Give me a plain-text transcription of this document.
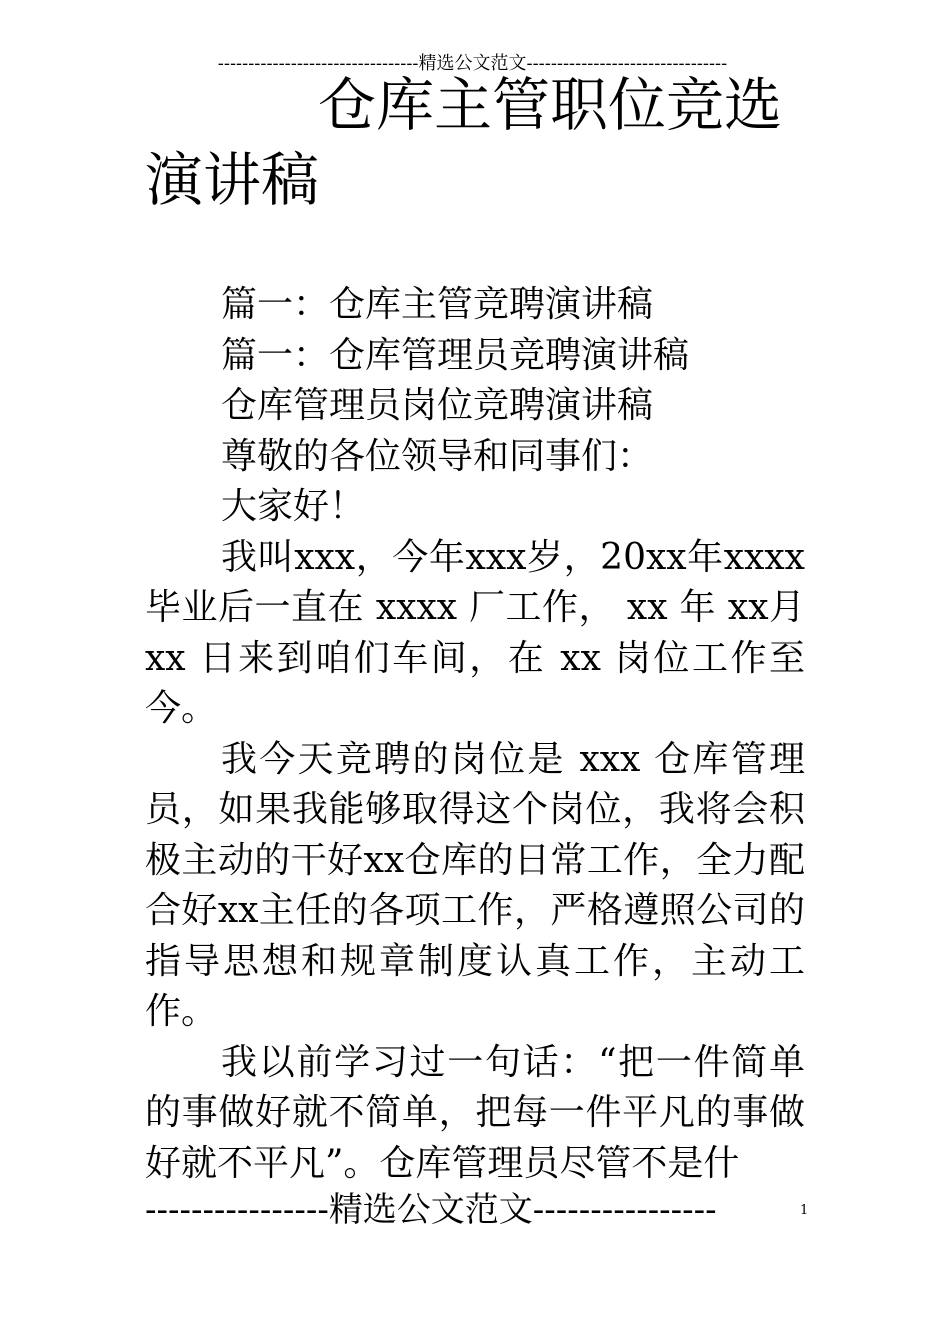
---------------------------------精选公文范文---------------------------------
仓库主管职位竞选
演讲稿

篇一：仓库主管竞聘演讲稿

篇一：仓库管理员竞聘演讲稿

仓库管理员岗位竞聘演讲稿

尊敬的各位领导和同事们：

大家好！

我叫xxx，今年xxx岁，20xx年xxxx毕业后一直在 xxxx 厂工作， xx 年 xx月 xx 日来到咱们车间，在 xx 岗位工作至今。

我今天竞聘的岗位是 xxx 仓库管理员，如果我能够取得这个岗位，我将会积极主动的干好xx仓库的日常工作，全力配合好xx主任的各项工作，严格遵照公司的指导思想和规章制度认真工作，主动工作。

我以前学习过一句话：“把一件简单的事做好就不简单，把每一件平凡的事做好就不平凡”。仓库管理员尽管不是什

----------------精选公文范文----------------	1
